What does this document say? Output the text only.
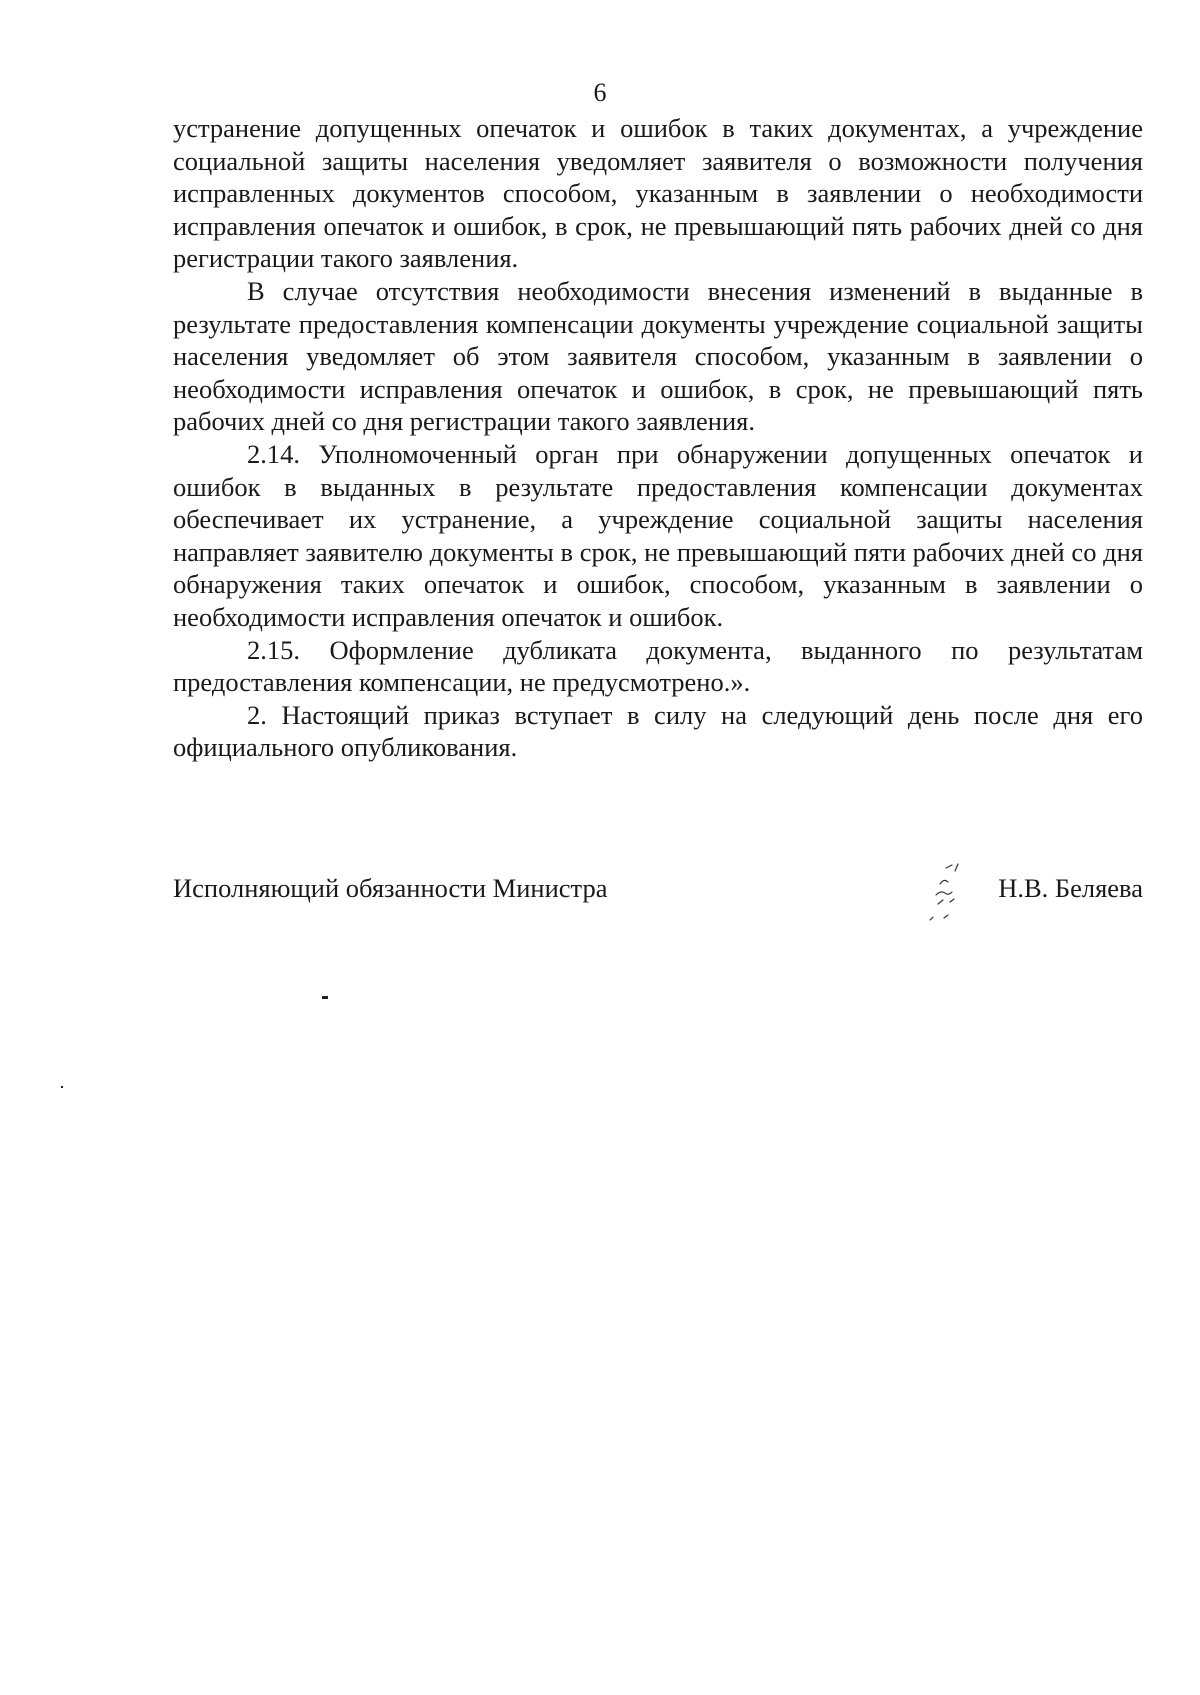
6

устранение допущенных опечаток и ошибок в таких документах, а учреждение социальной защиты населения уведомляет заявителя о возможности получения исправленных документов способом, указанным в заявлении о необходимости исправления опечаток и ошибок, в срок, не превышающий пять рабочих дней со дня регистрации такого заявления.

В случае отсутствия необходимости внесения изменений в выданные в результате предоставления компенсации документы учреждение социальной защиты населения уведомляет об этом заявителя способом, указанным в заявлении о необходимости исправления опечаток и ошибок, в срок, не превышающий пять рабочих дней со дня регистрации такого заявления.

2.14. Уполномоченный орган при обнаружении допущенных опечаток и ошибок в выданных в результате предоставления компенсации документах обеспечивает их устранение, а учреждение социальной защиты населения направляет заявителю документы в срок, не превышающий пяти рабочих дней со дня обнаружения таких опечаток и ошибок, способом, указанным в заявлении о необходимости исправления опечаток и ошибок.

2.15. Оформление дубликата документа, выданного по результатам предоставления компенсации, не предусмотрено.».

2. Настоящий приказ вступает в силу на следующий день после дня его официального опубликования.

Исполняющий обязанности Министра	Н.В. Беляева
